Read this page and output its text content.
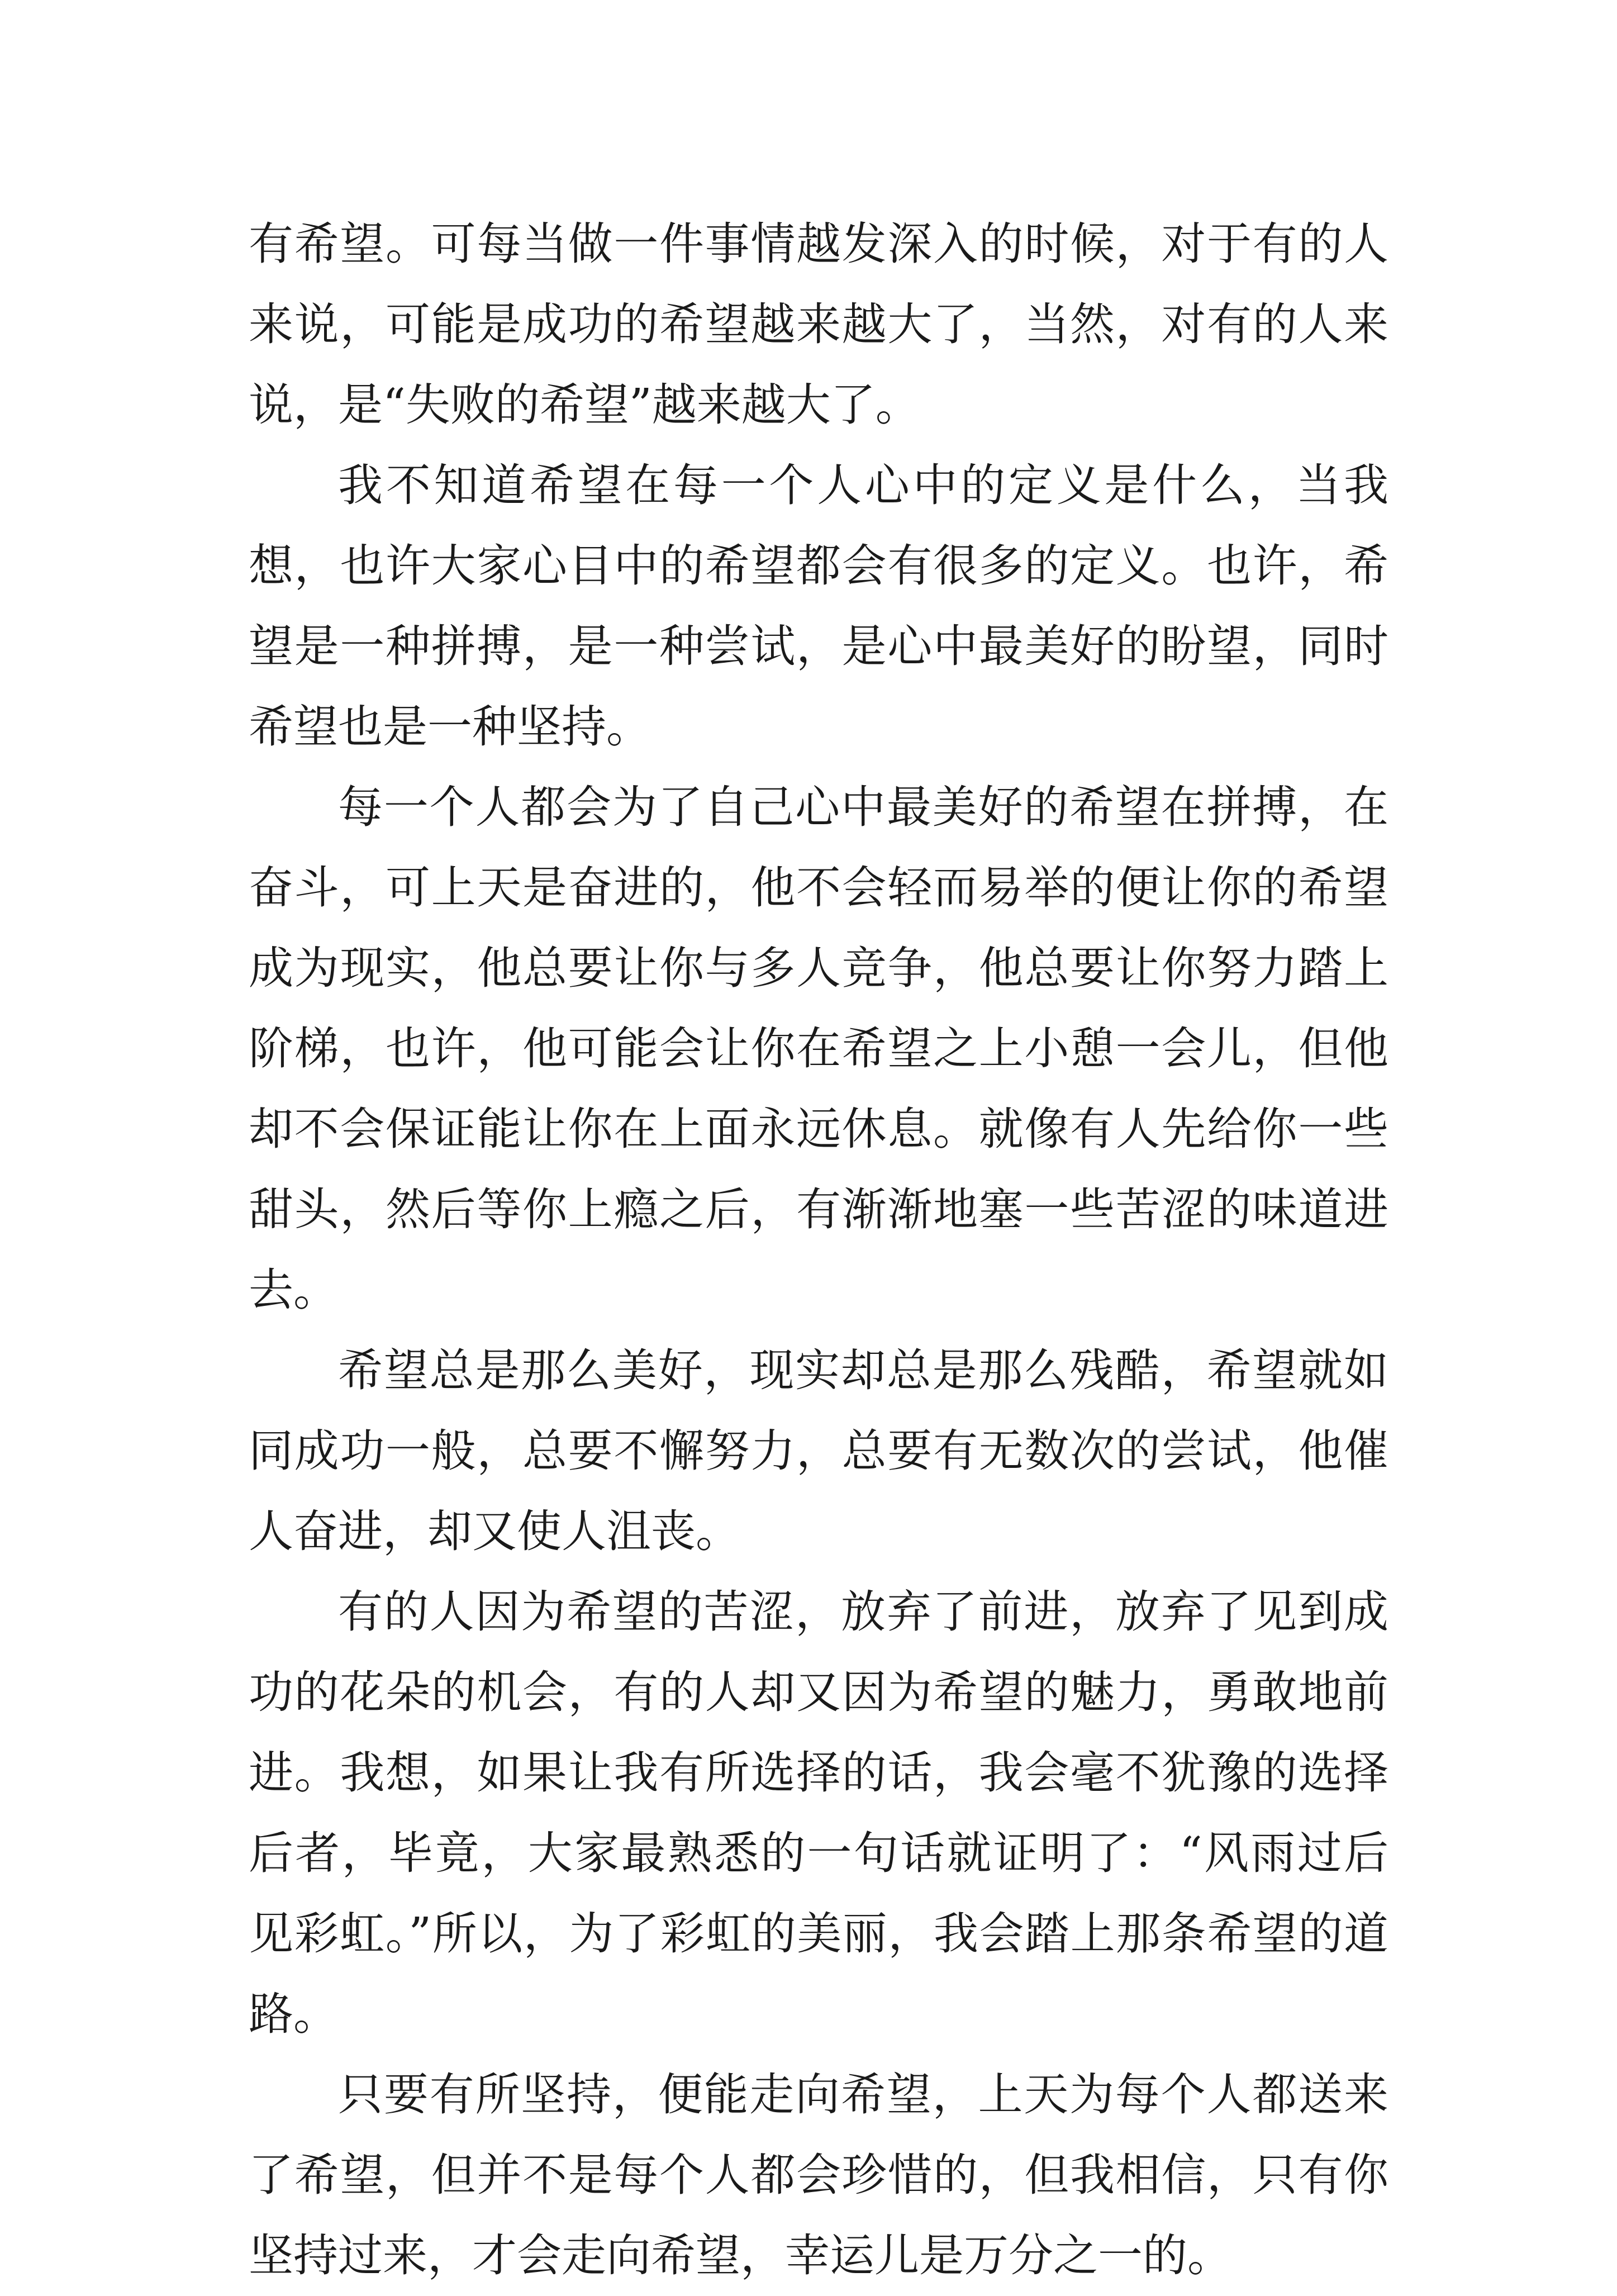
有希望。可每当做一件事情越发深入的时候，对于有的人来说，可能是成功的希望越来越大了，当然，对有的人来说，是“失败的希望”越来越大了。

我不知道希望在每一个人心中的定义是什么，当我想，也许大家心目中的希望都会有很多的定义。也许，希望是一种拼搏，是一种尝试，是心中最美好的盼望，同时希望也是一种坚持。

每一个人都会为了自己心中最美好的希望在拼搏，在奋斗，可上天是奋进的，他不会轻而易举的便让你的希望成为现实，他总要让你与多人竞争，他总要让你努力踏上阶梯，也许，他可能会让你在希望之上小憩一会儿，但他却不会保证能让你在上面永远休息。就像有人先给你一些甜头，然后等你上瘾之后，有渐渐地塞一些苦涩的味道进去。

希望总是那么美好，现实却总是那么残酷，希望就如同成功一般，总要不懈努力，总要有无数次的尝试，他催人奋进，却又使人沮丧。

有的人因为希望的苦涩，放弃了前进，放弃了见到成功的花朵的机会，有的人却又因为希望的魅力，勇敢地前进。我想，如果让我有所选择的话，我会毫不犹豫的选择后者，毕竟，大家最熟悉的一句话就证明了：“风雨过后见彩虹。”所以，为了彩虹的美丽，我会踏上那条希望的道路。

只要有所坚持，便能走向希望，上天为每个人都送来了希望，但并不是每个人都会珍惜的，但我相信，只有你坚持过来，才会走向希望，幸运儿是万分之一的。
